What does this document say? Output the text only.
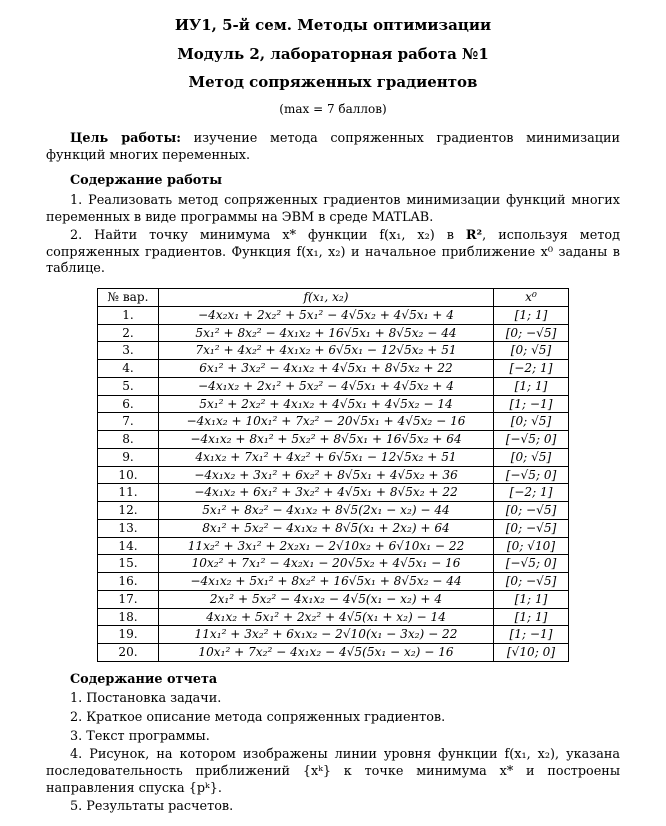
ИУ1, 5-й сем. Методы оптимизации
Модуль 2, лабораторная работа №1
Метод сопряженных градиентов
(max = 7 баллов)

Цель работы: изучение метода сопряженных градиентов минимизации функций многих переменных.

Содержание работы

1. Реализовать метод сопряженных градиентов минимизации функций многих переменных в виде программы на ЭВМ в среде MATLAB.

2. Найти точку минимума x* функции f(x₁, x₂) в R², используя метод сопряженных градиентов. Функция f(x₁, x₂) и начальное приближение x⁰ заданы в таблице.

№ вар.	f(x₁, x₂)	x⁰
1.	−4x₂x₁ + 2x₂² + 5x₁² − 4√5x₂ + 4√5x₁ + 4	[1; 1]
2.	5x₁² + 8x₂² − 4x₁x₂ + 16√5x₁ + 8√5x₂ − 44	[0; −√5]
3.	7x₁² + 4x₂² + 4x₁x₂ + 6√5x₁ − 12√5x₂ + 51	[0; √5]
4.	6x₁² + 3x₂² − 4x₁x₂ + 4√5x₁ + 8√5x₂ + 22	[−2; 1]
5.	−4x₁x₂ + 2x₁² + 5x₂² − 4√5x₁ + 4√5x₂ + 4	[1; 1]
6.	5x₁² + 2x₂² + 4x₁x₂ + 4√5x₁ + 4√5x₂ − 14	[1; −1]
7.	−4x₁x₂ + 10x₁² + 7x₂² − 20√5x₁ + 4√5x₂ − 16	[0; √5]
8.	−4x₁x₂ + 8x₁² + 5x₂² + 8√5x₁ + 16√5x₂ + 64	[−√5; 0]
9.	4x₁x₂ + 7x₁² + 4x₂² + 6√5x₁ − 12√5x₂ + 51	[0; √5]
10.	−4x₁x₂ + 3x₁² + 6x₂² + 8√5x₁ + 4√5x₂ + 36	[−√5; 0]
11.	−4x₁x₂ + 6x₁² + 3x₂² + 4√5x₁ + 8√5x₂ + 22	[−2; 1]
12.	5x₁² + 8x₂² − 4x₁x₂ + 8√5(2x₁ − x₂) − 44	[0; −√5]
13.	8x₁² + 5x₂² − 4x₁x₂ + 8√5(x₁ + 2x₂) + 64	[0; −√5]
14.	11x₂² + 3x₁² + 2x₂x₁ − 2√10x₂ + 6√10x₁ − 22	[0; √10]
15.	10x₂² + 7x₁² − 4x₂x₁ − 20√5x₂ + 4√5x₁ − 16	[−√5; 0]
16.	−4x₁x₂ + 5x₁² + 8x₂² + 16√5x₁ + 8√5x₂ − 44	[0; −√5]
17.	2x₁² + 5x₂² − 4x₁x₂ − 4√5(x₁ − x₂) + 4	[1; 1]
18.	4x₁x₂ + 5x₁² + 2x₂² + 4√5(x₁ + x₂) − 14	[1; 1]
19.	11x₁² + 3x₂² + 6x₁x₂ − 2√10(x₁ − 3x₂) − 22	[1; −1]
20.	10x₁² + 7x₂² − 4x₁x₂ − 4√5(5x₁ − x₂) − 16	[√10; 0]
Содержание отчета

1. Постановка задачи.

2. Краткое описание метода сопряженных градиентов.

3. Текст программы.

4. Рисунок, на котором изображены линии уровня функции f(x₁, x₂), указана последовательность приближений {xᵏ} к точке минимума x* и построены направления спуска {pᵏ}.

5. Результаты расчетов.
